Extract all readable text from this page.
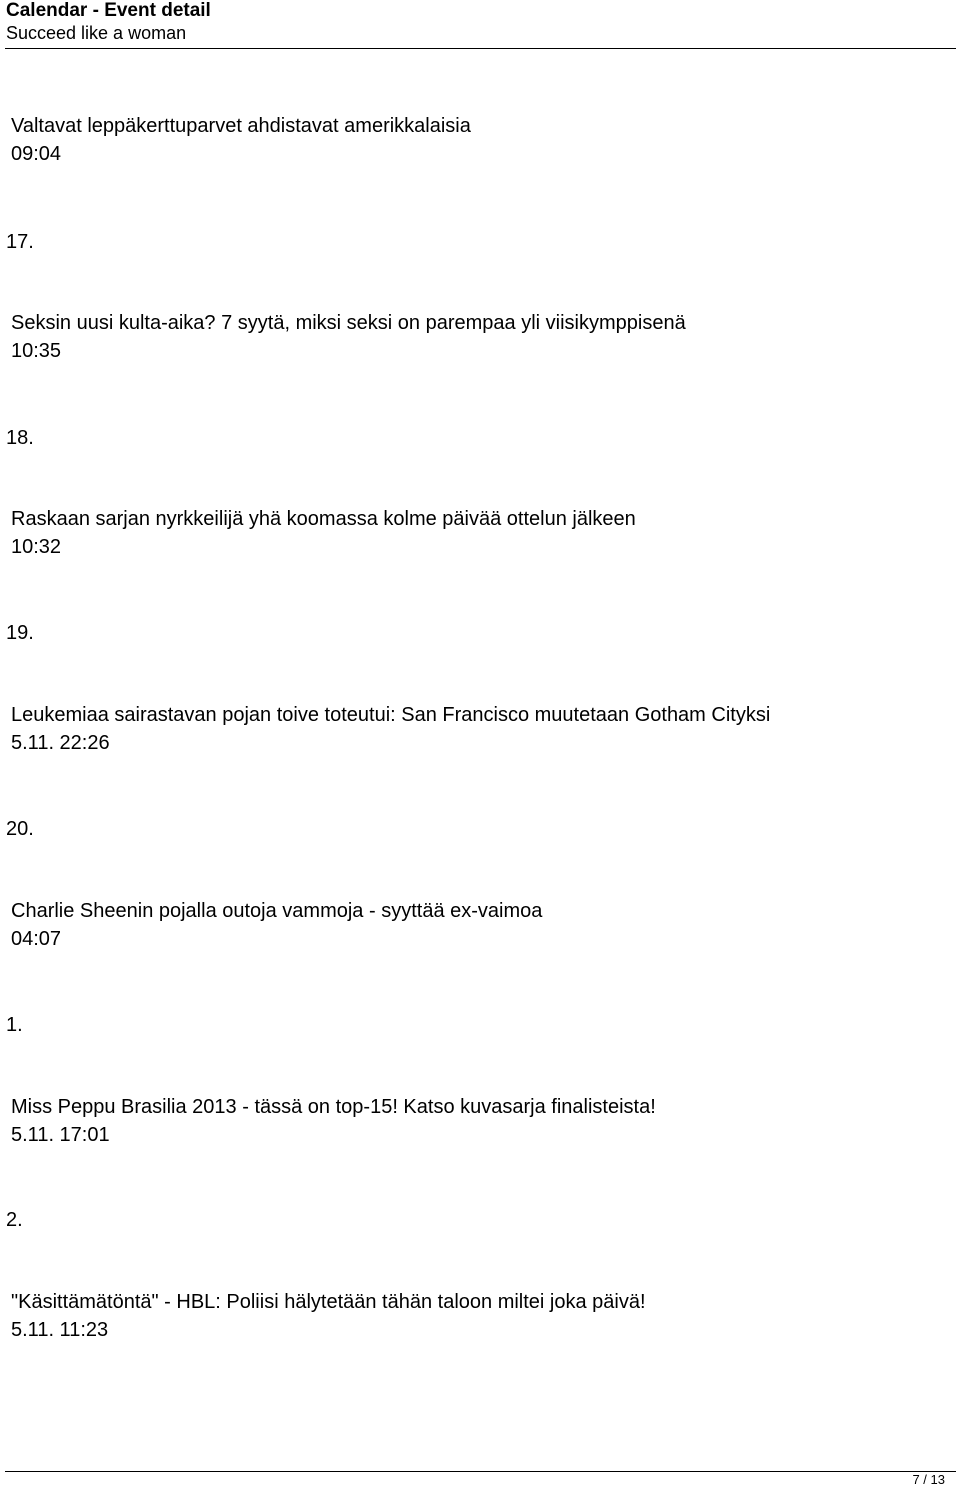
Calendar - Event detail
Succeed like a woman
Valtavat leppäkerttuparvet ahdistavat amerikkalaisia
09:04
17.
Seksin uusi kulta-aika? 7 syytä, miksi seksi on parempaa yli viisikymppisenä
10:35
18.
Raskaan sarjan nyrkkeilijä yhä koomassa kolme päivää ottelun jälkeen
10:32
19.
Leukemiaa sairastavan pojan toive toteutui: San Francisco muutetaan Gotham Cityksi
5.11. 22:26
20.
Charlie Sheenin pojalla outoja vammoja - syyttää ex-vaimoa
04:07
1.
Miss Peppu Brasilia 2013 - tässä on top-15! Katso kuvasarja finalisteista!
5.11. 17:01
2.
"Käsittämätöntä" - HBL: Poliisi hälytetään tähän taloon miltei joka päivä!
5.11. 11:23
7 / 13
